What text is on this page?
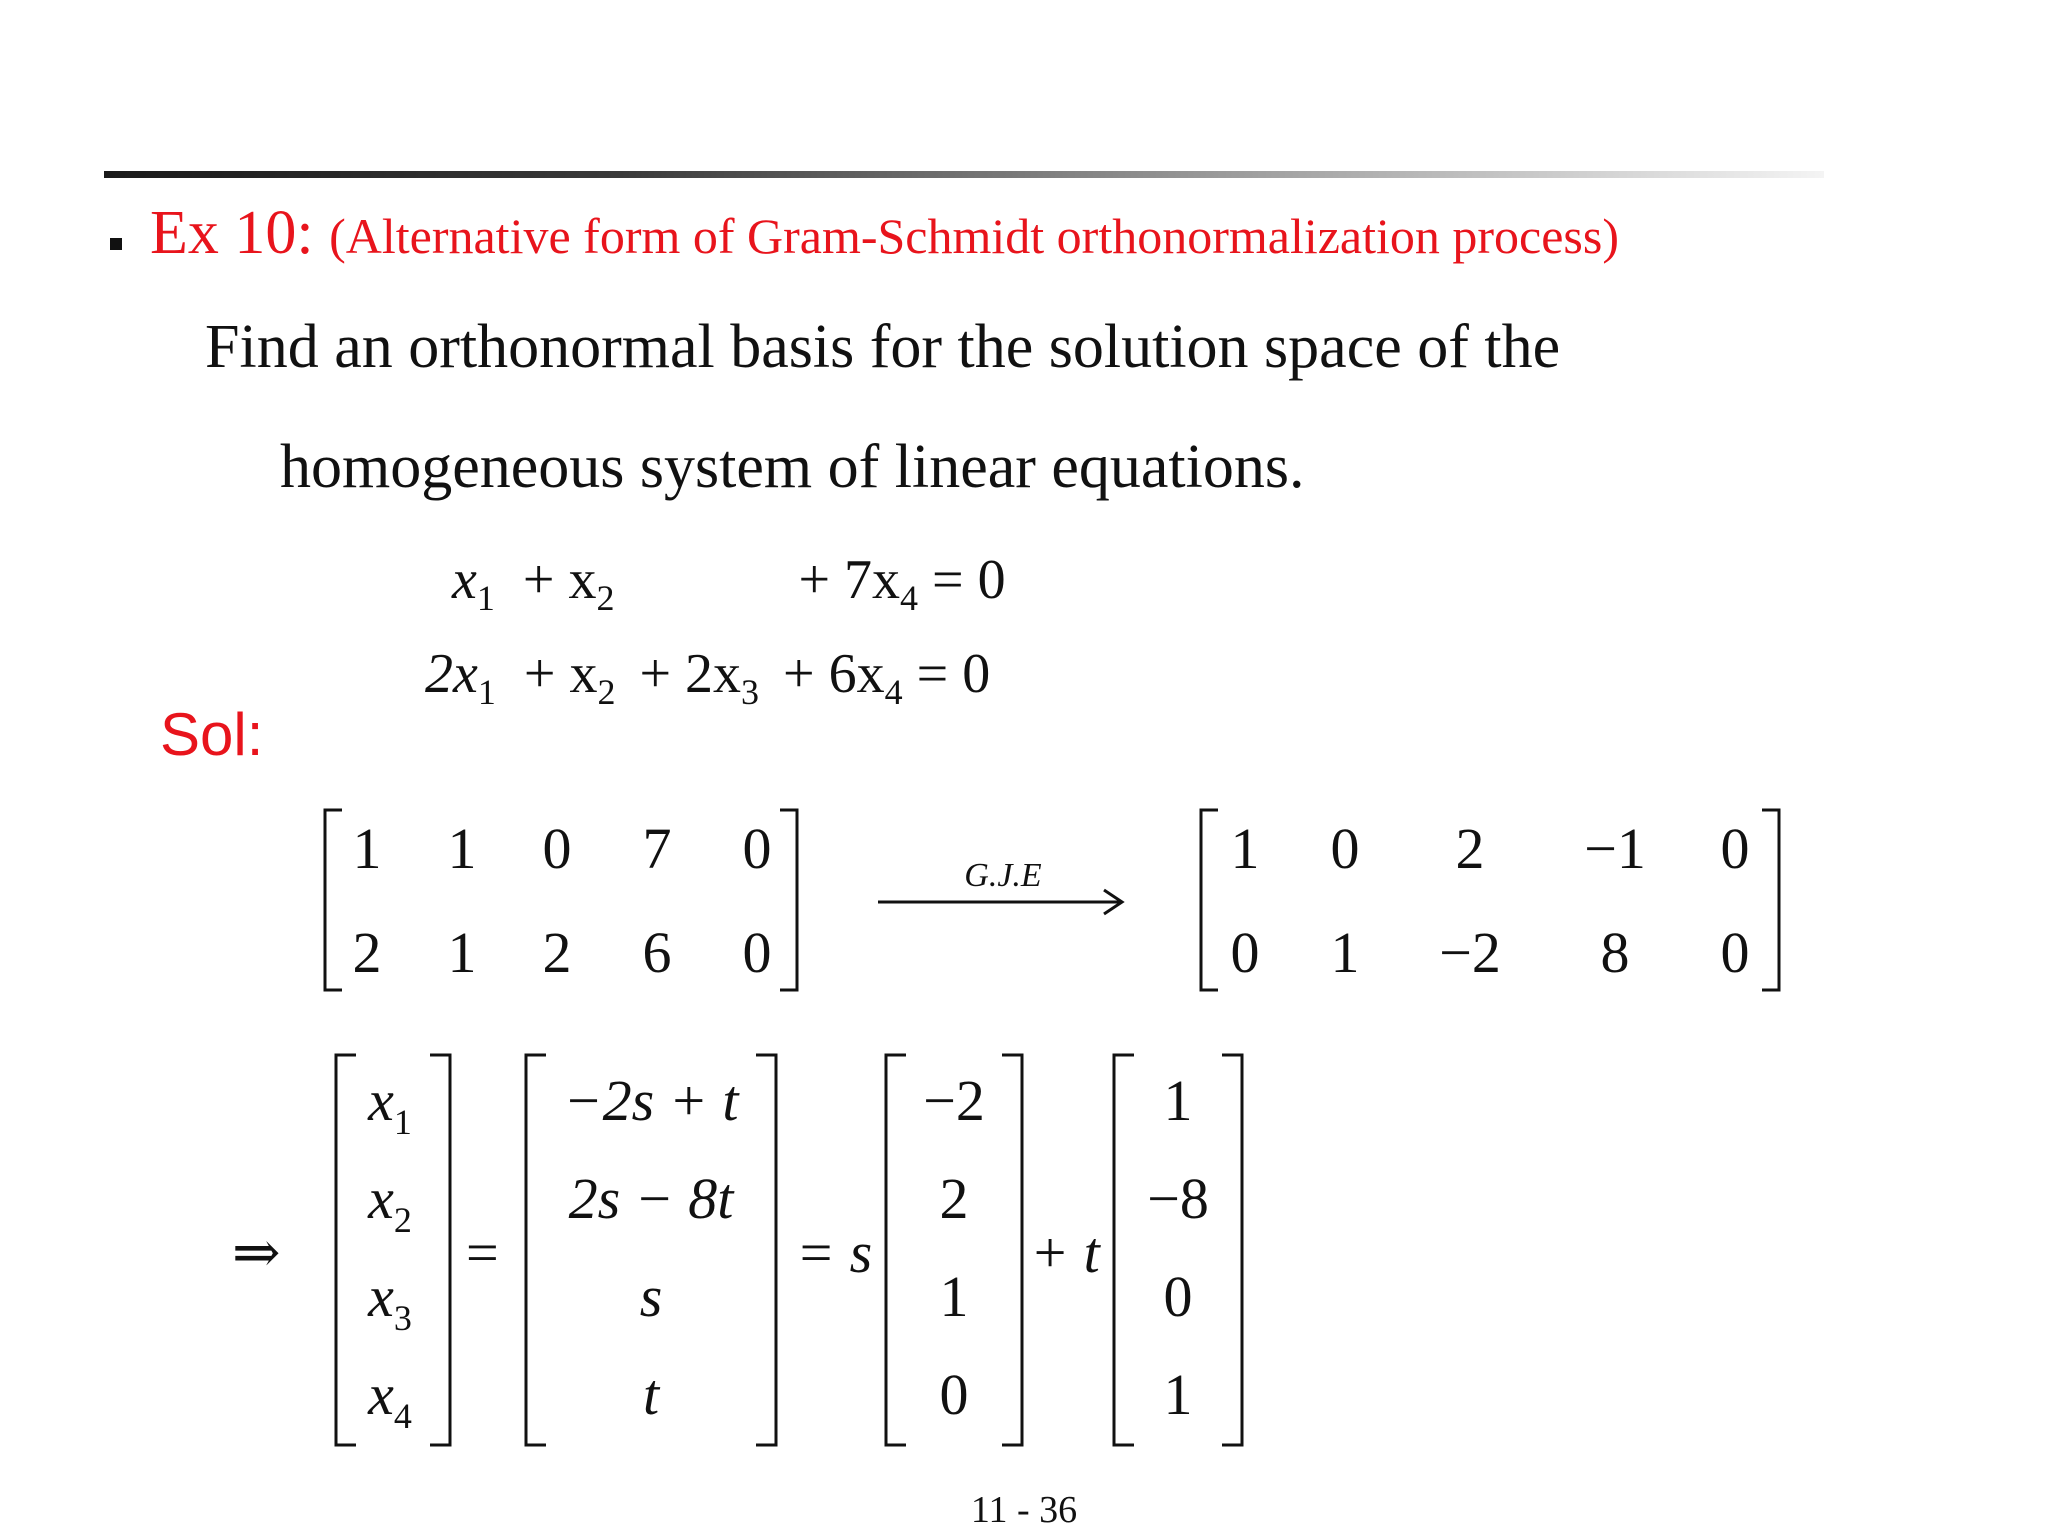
Ex 10: (Alternative form of Gram-Schmidt orthonormalization process)
Find an orthonormal basis for the solution space of the
homogeneous system of linear equations.
$x_1 + x_2$	+ $7x_4 = 0$
$2x_1 + x_2 + 2x_3 + 6x_4 = 0$
Sol:
1 1 0 7 0
2 1 2 6 0
G.J.E	1 0 2 −1 0
0 1 −2 8 0
⇒
$x_1$
$x_2$
$x_3$
$x_4$
=
−2s + t
2s − 8t
s
t
= s
−2
2
1
0
+ t
1
−8
0
1
11 - 36
